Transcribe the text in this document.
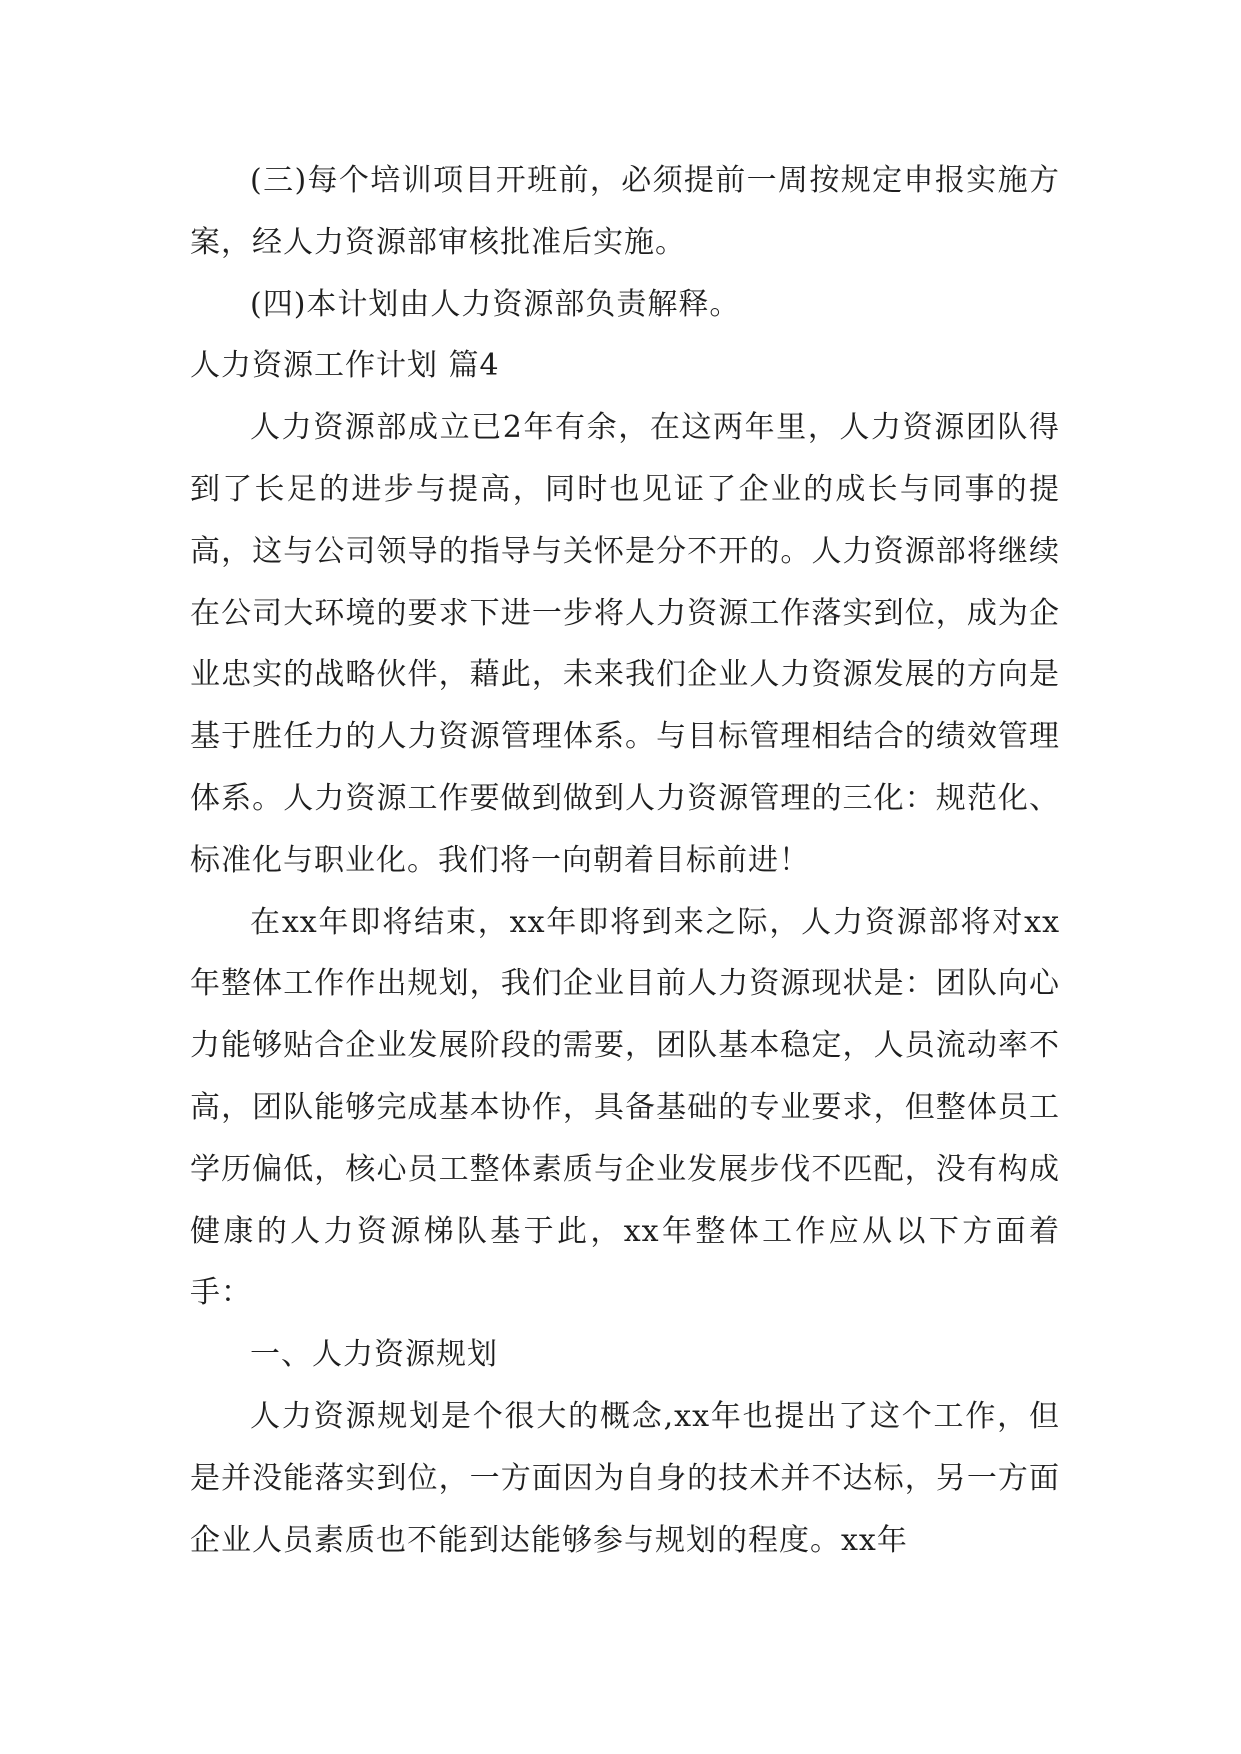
(三)每个培训项目开班前，必须提前一周按规定申报实施方案，经人力资源部审核批准后实施。

(四)本计划由人力资源部负责解释。

人力资源工作计划 篇4

人力资源部成立已2年有余，在这两年里，人力资源团队得到了长足的进步与提高，同时也见证了企业的成长与同事的提高，这与公司领导的指导与关怀是分不开的。人力资源部将继续在公司大环境的要求下进一步将人力资源工作落实到位，成为企业忠实的战略伙伴，藉此，未来我们企业人力资源发展的方向是基于胜任力的人力资源管理体系。与目标管理相结合的绩效管理体系。人力资源工作要做到做到人力资源管理的三化：规范化、标准化与职业化。我们将一向朝着目标前进！

在xx年即将结束，xx年即将到来之际，人力资源部将对xx年整体工作作出规划，我们企业目前人力资源现状是：团队向心力能够贴合企业发展阶段的需要，团队基本稳定，人员流动率不高，团队能够完成基本协作，具备基础的专业要求，但整体员工学历偏低，核心员工整体素质与企业发展步伐不匹配，没有构成健康的人力资源梯队基于此，xx年整体工作应从以下方面着手：

一、人力资源规划

人力资源规划是个很大的概念,xx年也提出了这个工作，但是并没能落实到位，一方面因为自身的技术并不达标，另一方面企业人员素质也不能到达能够参与规划的程度。xx年
